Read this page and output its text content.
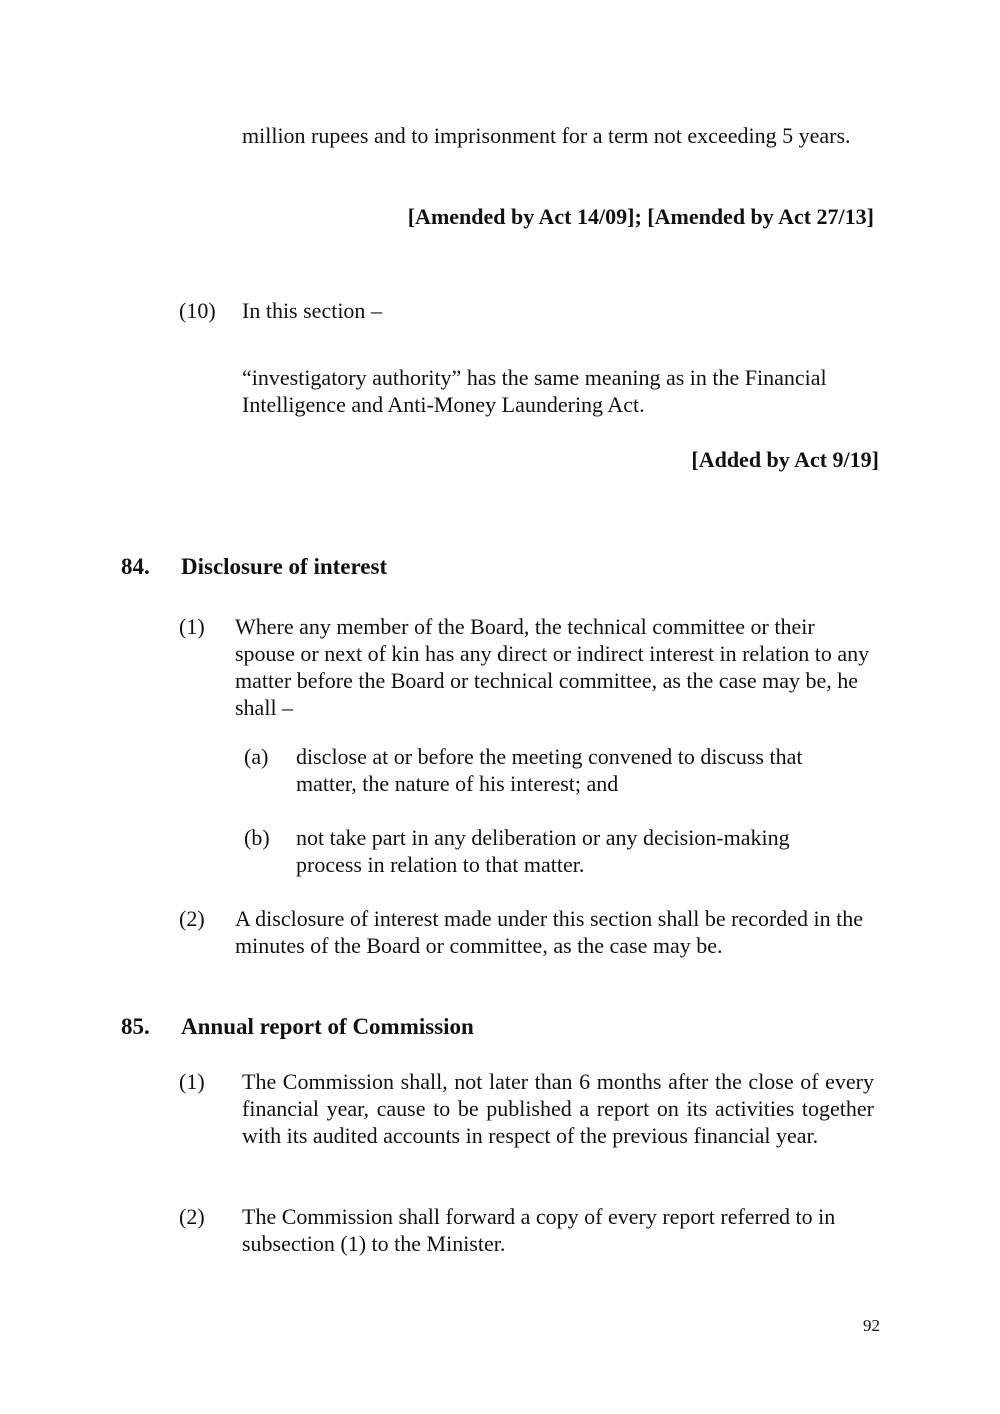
million rupees and to imprisonment for a term not exceeding 5 years.

[Amended by Act 14/09]; [Amended by Act 27/13]

(10) In this section –

“investigatory authority” has the same meaning as in the Financial Intelligence and Anti-Money Laundering Act.

[Added by Act 9/19]

84. Disclosure of interest

(1) Where any member of the Board, the technical committee or their spouse or next of kin has any direct or indirect interest in relation to any matter before the Board or technical committee, as the case may be, he shall –

(a) disclose at or before the meeting convened to discuss that matter, the nature of his interest; and

(b) not take part in any deliberation or any decision-making process in relation to that matter.

(2) A disclosure of interest made under this section shall be recorded in the minutes of the Board or committee, as the case may be.

85. Annual report of Commission

(1) The Commission shall, not later than 6 months after the close of every financial year, cause to be published a report on its activities together with its audited accounts in respect of the previous financial year.

(2) The Commission shall forward a copy of every report referred to in subsection (1) to the Minister.

92
